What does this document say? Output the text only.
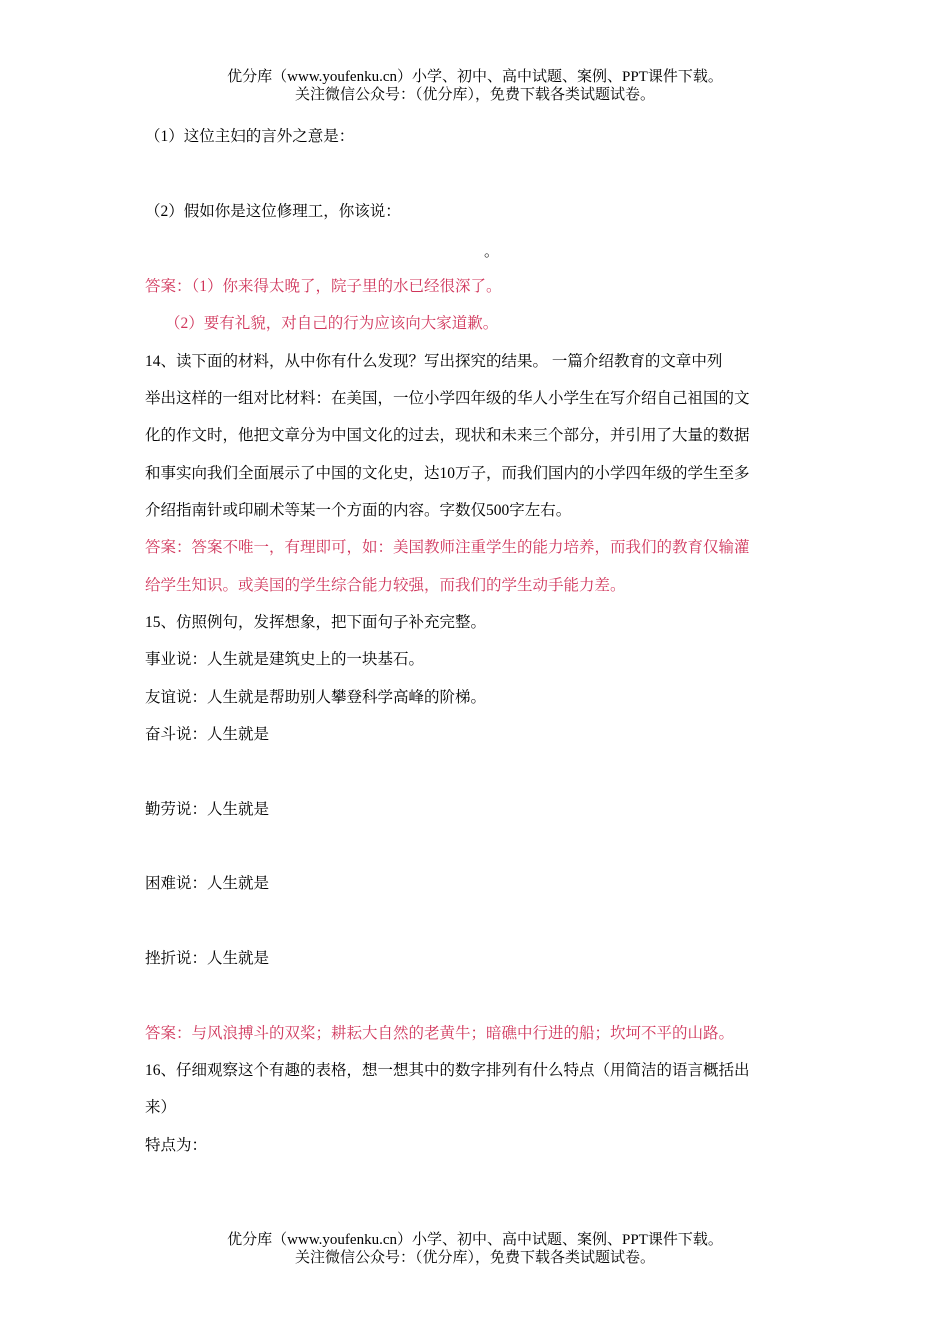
优分库（www.youfenku.cn）小学、初中、高中试题、案例、PPT课件下载。
关注微信公众号：（优分库），免费下载各类试题试卷。
（1）这位主妇的言外之意是：
（2）假如你是这位修理工，你该说：
。
答案：（1）你来得太晚了，院子里的水已经很深了。
（2）要有礼貌，对自己的行为应该向大家道歉。
14、读下面的材料，从中你有什么发现？写出探究的结果。 一篇介绍教育的文章中列
举出这样的一组对比材料：在美国，一位小学四年级的华人小学生在写介绍自己祖国的文
化的作文时，他把文章分为中国文化的过去，现状和未来三个部分，并引用了大量的数据
和事实向我们全面展示了中国的文化史，达10万子，而我们国内的小学四年级的学生至多
介绍指南针或印刷术等某一个方面的内容。字数仅500字左右。
答案：答案不唯一，有理即可，如：美国教师注重学生的能力培养，而我们的教育仅输灌
给学生知识。或美国的学生综合能力较强，而我们的学生动手能力差。
15、仿照例句，发挥想象，把下面句子补充完整。
事业说：人生就是建筑史上的一块基石。
友谊说：人生就是帮助别人攀登科学高峰的阶梯。
奋斗说：人生就是
勤劳说：人生就是
困难说：人生就是
挫折说：人生就是
答案：与风浪搏斗的双桨；耕耘大自然的老黄牛；暗礁中行进的船；坎坷不平的山路。
16、仔细观察这个有趣的表格，想一想其中的数字排列有什么特点（用简洁的语言概括出
来）
特点为：
优分库（www.youfenku.cn）小学、初中、高中试题、案例、PPT课件下载。
关注微信公众号：（优分库），免费下载各类试题试卷。
